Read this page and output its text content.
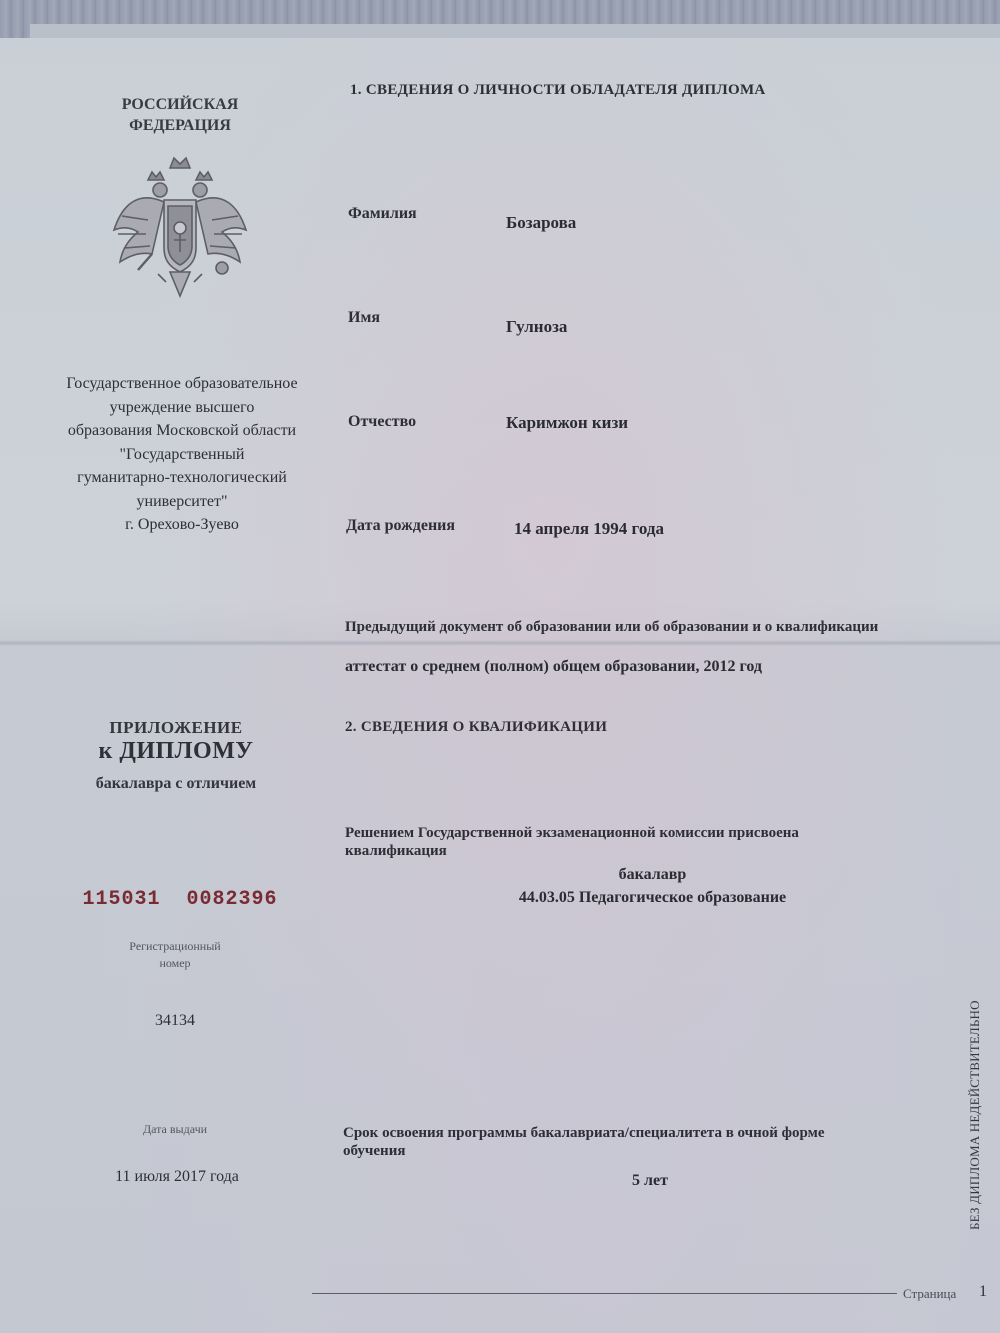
РОССИЙСКАЯ
ФЕДЕРАЦИЯ
Государственное образовательное
учреждение высшего
образования Московской области
"Государственный
гуманитарно-технологический
университет"
г. Орехово-Зуево
ПРИЛОЖЕНИЕ
к ДИПЛОМУ
бакалавра с отличием
115031  0082396
Регистрационный
номер
34134
Дата выдачи
11 июля 2017 года
1. СВЕДЕНИЯ О ЛИЧНОСТИ ОБЛАДАТЕЛЯ ДИПЛОМА
Фамилия	Бозарова
Имя	Гулноза
Отчество	Каримжон кизи
Дата рождения	14 апреля 1994 года
Предыдущий документ об образовании или об образовании и о квалификации
аттестат о среднем (полном) общем образовании, 2012 год
2. СВЕДЕНИЯ О КВАЛИФИКАЦИИ
Решением Государственной экзаменационной комиссии присвоена
квалификация
бакалавр
44.03.05 Педагогическое образование
Срок освоения программы бакалавриата/специалитета в очной форме
обучения
5 лет	БЕЗ ДИПЛОМА НЕДЕЙСТВИТЕЛЬНО
Страница 1
